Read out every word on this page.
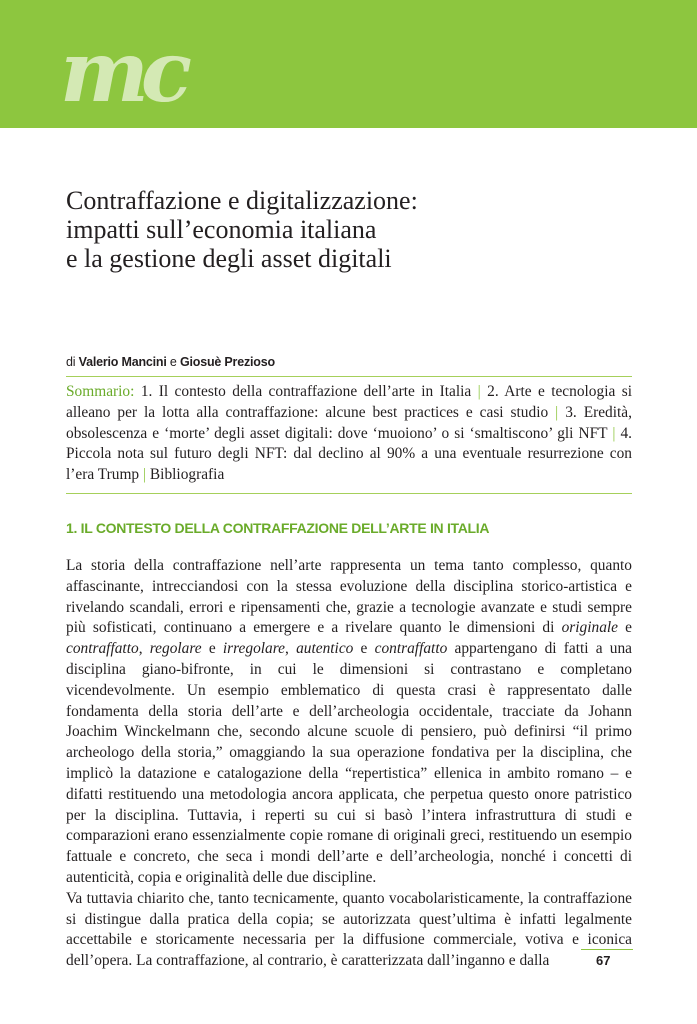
mc
Contraffazione e digitalizzazione:
impatti sull’economia italiana
e la gestione degli asset digitali
di Valerio Mancini e Giosuè Prezioso
Sommario: 1. Il contesto della contraffazione dell’arte in Italia | 2. Arte e tecnologia si alleano per la lotta alla contraffazione: alcune best practices e casi studio | 3. Eredità, obsolescenza e ‘morte’ degli asset digitali: dove ‘muoiono’ o si ‘smaltiscono’ gli NFT | 4. Piccola nota sul futuro degli NFT: dal declino al 90% a una eventuale resurrezione con l’era Trump | Bibliografia
1. IL CONTESTO DELLA CONTRAFFAZIONE DELL’ARTE IN ITALIA
La storia della contraffazione nell’arte rappresenta un tema tanto complesso, quanto affascinante, intrecciandosi con la stessa evoluzione della disciplina storico-artistica e rivelando scandali, errori e ripensamenti che, grazie a tecnologie avanzate e studi sempre più sofisticati, continuano a emergere e a rivelare quanto le dimensioni di originale e contraffatto, regolare e irregolare, autentico e contraffatto appartengano di fatti a una disciplina giano-bifronte, in cui le dimensioni si contrastano e completano vicendevolmente. Un esempio emblematico di questa crasi è rappresentato dalle fondamenta della storia dell’arte e dell’archeologia occidentale, tracciate da Johann Joachim Winckelmann che, secondo alcune scuole di pensiero, può definirsi “il primo archeologo della storia,” omaggiando la sua operazione fondativa per la disciplina, che implicò la datazione e catalogazione della “repertistica” ellenica in ambito romano – e difatti restituendo una metodologia ancora applicata, che perpetua questo onore patristico per la disciplina. Tuttavia, i reperti su cui si basò l’intera infrastruttura di studi e comparazioni erano essenzialmente copie romane di originali greci, restituendo un esempio fattuale e concreto, che seca i mondi dell’arte e dell’archeologia, nonché i concetti di autenticità, copia e originalità delle due discipline.
Va tuttavia chiarito che, tanto tecnicamente, quanto vocabolaristicamente, la contraffazione si distingue dalla pratica della copia; se autorizzata quest’ultima è infatti legalmente accettabile e storicamente necessaria per la diffusione commerciale, votiva e iconica dell’opera. La contraffazione, al contrario, è caratterizzata dall’inganno e dalla	67
